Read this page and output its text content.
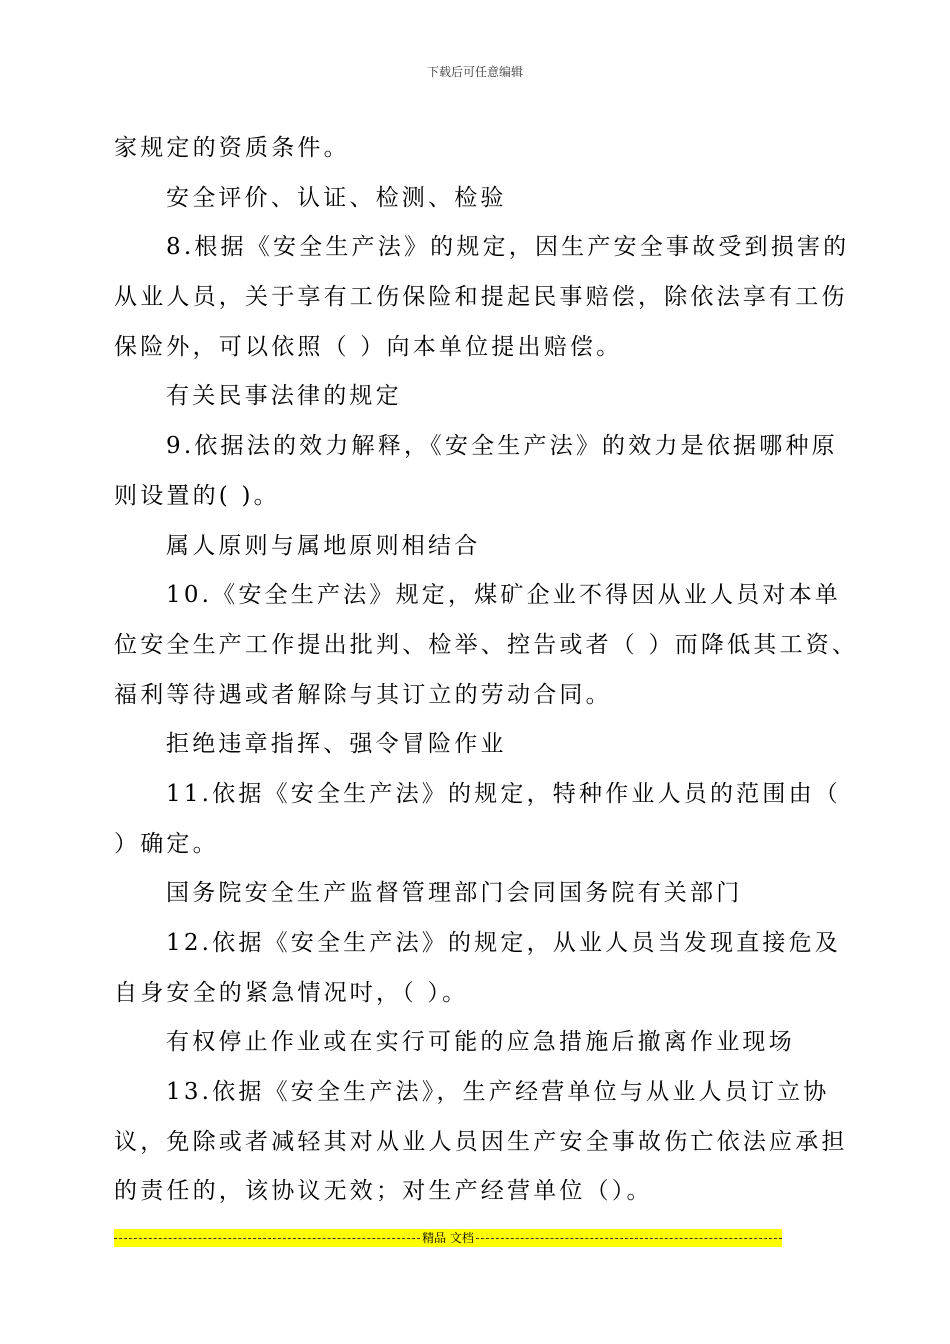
下载后可任意编辑
家规定的资质条件。
安全评价、认证、检测、检验
8.根据《安全生产法》的规定，因生产安全事故受到损害的
从业人员，关于享有工伤保险和提起民事赔偿，除依法享有工伤
保险外，可以依照（ ）向本单位提出赔偿。
有关民事法律的规定
9.依据法的效力解释，《安全生产法》的效力是依据哪种原
则设置的( )。
属人原则与属地原则相结合
10.《安全生产法》规定，煤矿企业不得因从业人员对本单
位安全生产工作提出批判、检举、控告或者（ ）而降低其工资、
福利等待遇或者解除与其订立的劳动合同。
拒绝违章指挥、强令冒险作业
11.依据《安全生产法》的规定，特种作业人员的范围由（
）确定。
国务院安全生产监督管理部门会同国务院有关部门
12.依据《安全生产法》的规定，从业人员当发现直接危及
自身安全的紧急情况吋，（ ）。
有权停止作业或在实行可能的应急措施后撤离作业现场
13.依据《安全生产法》，生产经营单位与从业人员订立协
议，免除或者减轻其对从业人员因生产安全事故伤亡依法应承担
的责任的，该协议无效；对生产经营单位（）。
精品 文档
